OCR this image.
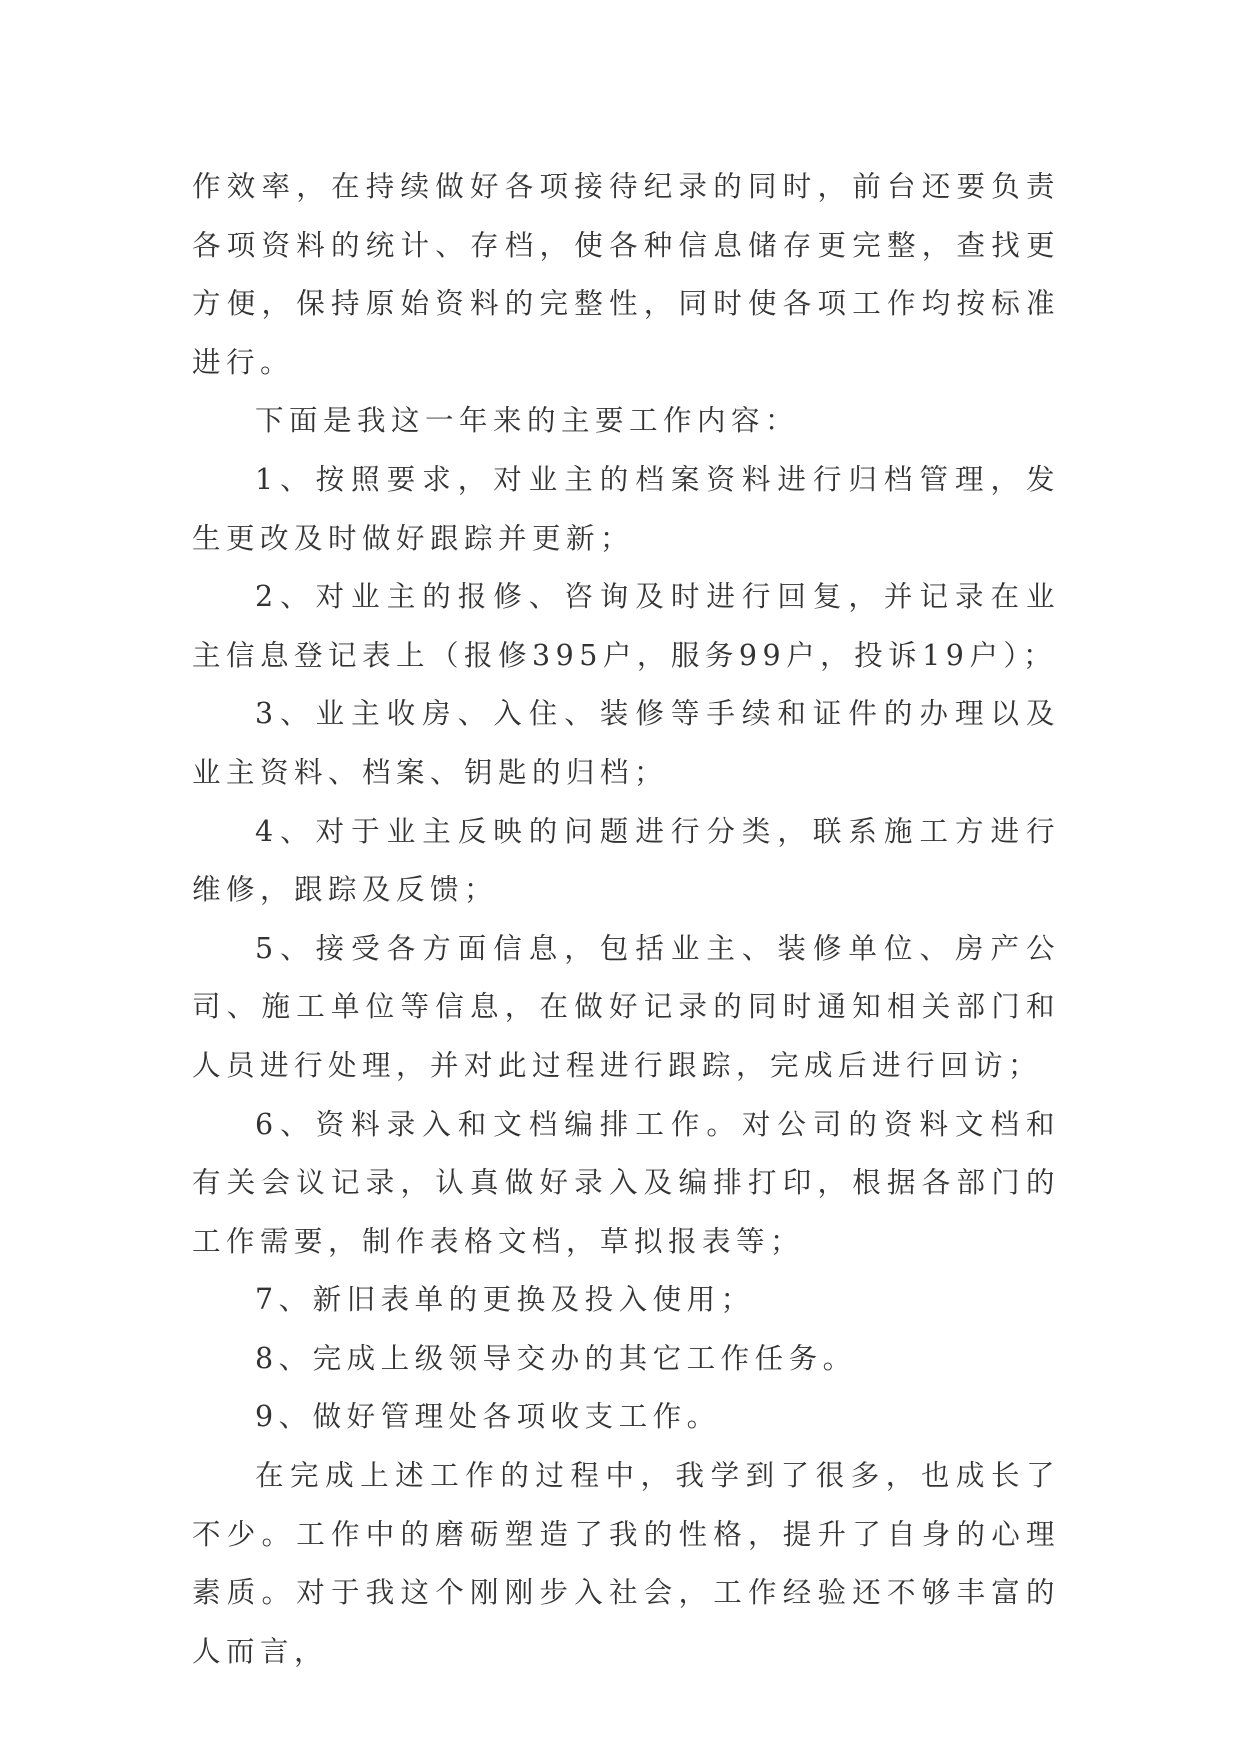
作效率，在持续做好各项接待纪录的同时，前台还要负责各项资料的统计、存档，使各种信息储存更完整，查找更方便，保持原始资料的完整性，同时使各项工作均按标准进行。

下面是我这一年来的主要工作内容：

1、按照要求，对业主的档案资料进行归档管理，发生更改及时做好跟踪并更新；

2、对业主的报修、咨询及时进行回复，并记录在业主信息登记表上（报修395户，服务99户，投诉19户）；

3、业主收房、入住、装修等手续和证件的办理以及业主资料、档案、钥匙的归档；

4、对于业主反映的问题进行分类，联系施工方进行维修，跟踪及反馈；

5、接受各方面信息，包括业主、装修单位、房产公司、施工单位等信息，在做好记录的同时通知相关部门和人员进行处理，并对此过程进行跟踪，完成后进行回访；

6、资料录入和文档编排工作。对公司的资料文档和有关会议记录，认真做好录入及编排打印，根据各部门的工作需要，制作表格文档，草拟报表等；

7、新旧表单的更换及投入使用；

8、完成上级领导交办的其它工作任务。

9、做好管理处各项收支工作。

在完成上述工作的过程中，我学到了很多，也成长了不少。工作中的磨砺塑造了我的性格，提升了自身的心理素质。对于我这个刚刚步入社会，工作经验还不够丰富的人而言，
